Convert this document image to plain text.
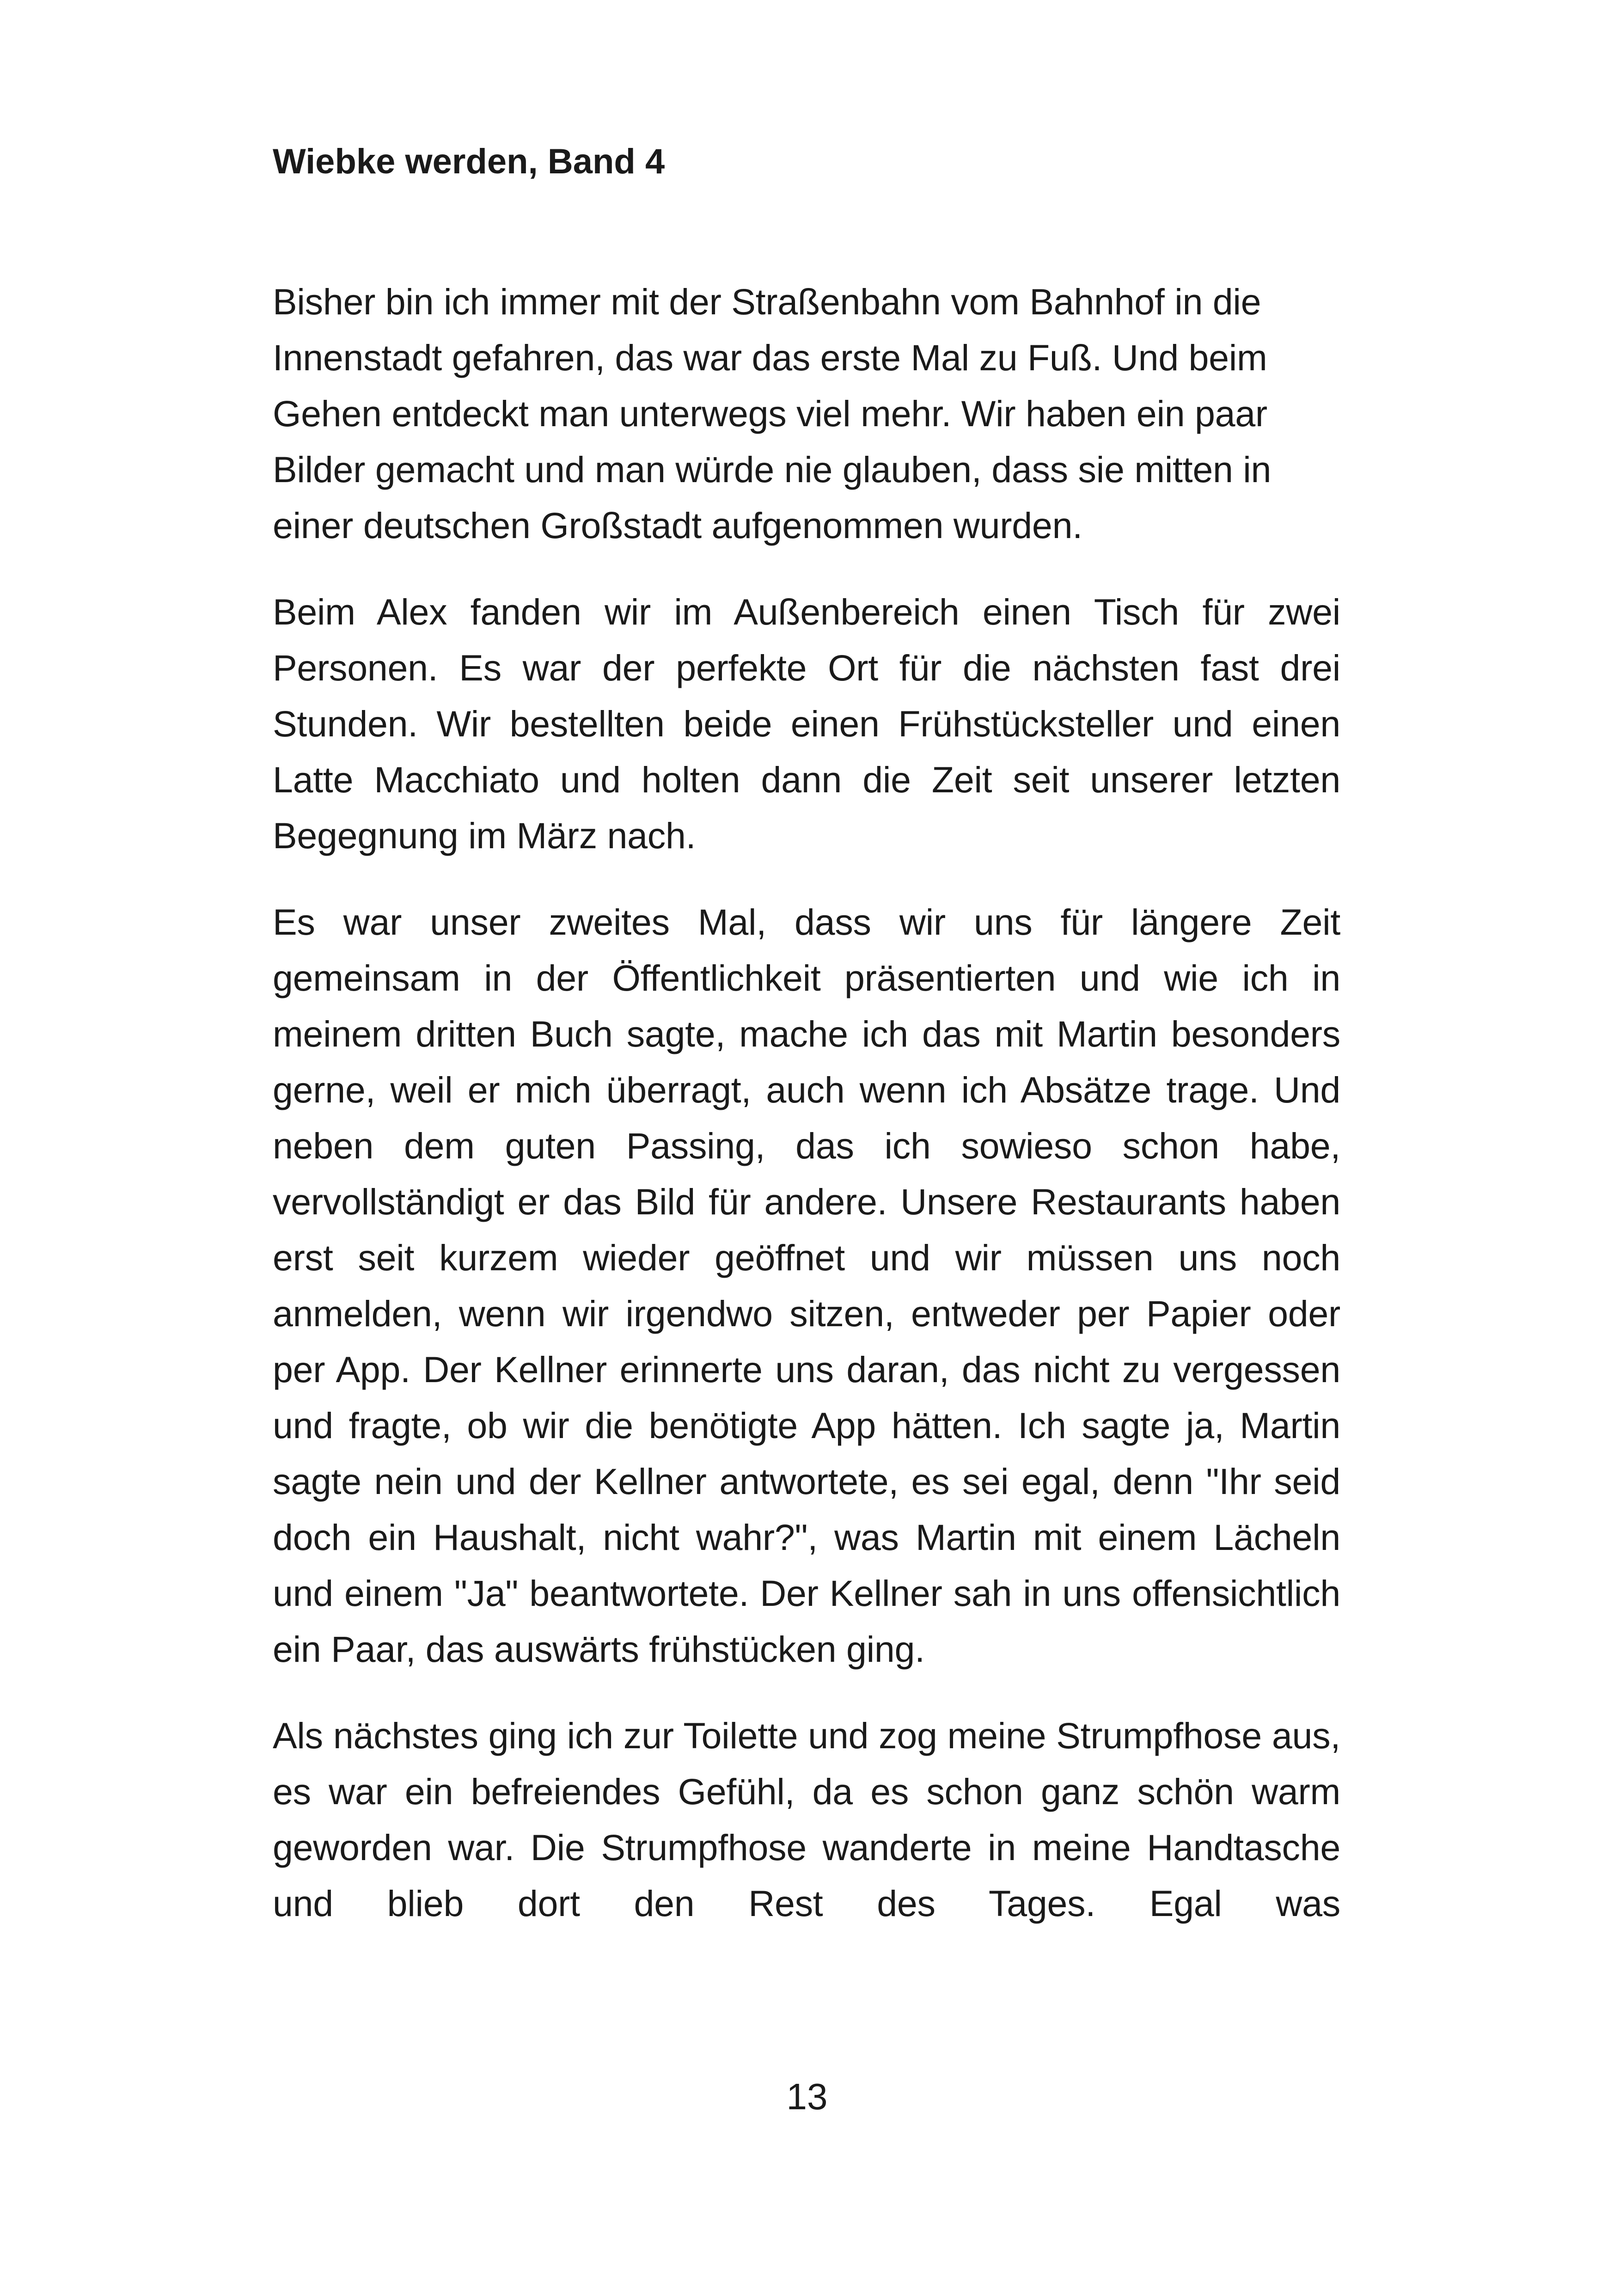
Wiebke werden, Band 4

Bisher bin ich immer mit der Straßenbahn vom Bahnhof in die Innenstadt gefahren, das war das erste Mal zu Fuß. Und beim Gehen entdeckt man unterwegs viel mehr. Wir haben ein paar Bilder gemacht und man würde nie glauben, dass sie mitten in einer deutschen Großstadt aufgenommen wurden.

Beim Alex fanden wir im Außenbereich einen Tisch für zwei Personen. Es war der perfekte Ort für die nächsten fast drei Stunden. Wir bestellten beide einen Frühstücksteller und einen Latte Macchiato und holten dann die Zeit seit unserer letzten Begegnung im März nach.

Es war unser zweites Mal, dass wir uns für längere Zeit gemeinsam in der Öffentlichkeit präsentierten und wie ich in meinem dritten Buch sagte, mache ich das mit Martin besonders gerne, weil er mich überragt, auch wenn ich Absätze trage. Und neben dem guten Passing, das ich sowieso schon habe, vervollständigt er das Bild für andere. Unsere Restaurants haben erst seit kurzem wieder geöffnet und wir müssen uns noch anmelden, wenn wir irgendwo sitzen, entweder per Papier oder per App. Der Kellner erinnerte uns daran, das nicht zu vergessen und fragte, ob wir die benötigte App hätten. Ich sagte ja, Martin sagte nein und der Kellner antwortete, es sei egal, denn "Ihr seid doch ein Haushalt, nicht wahr?", was Martin mit einem Lächeln und einem "Ja" beantwortete. Der Kellner sah in uns offensichtlich ein Paar, das auswärts frühstücken ging.

Als nächstes ging ich zur Toilette und zog meine Strumpfhose aus, es war ein befreiendes Gefühl, da es schon ganz schön warm geworden war. Die Strumpfhose wanderte in meine Handtasche und blieb dort den Rest des Tages. Egal was

13
